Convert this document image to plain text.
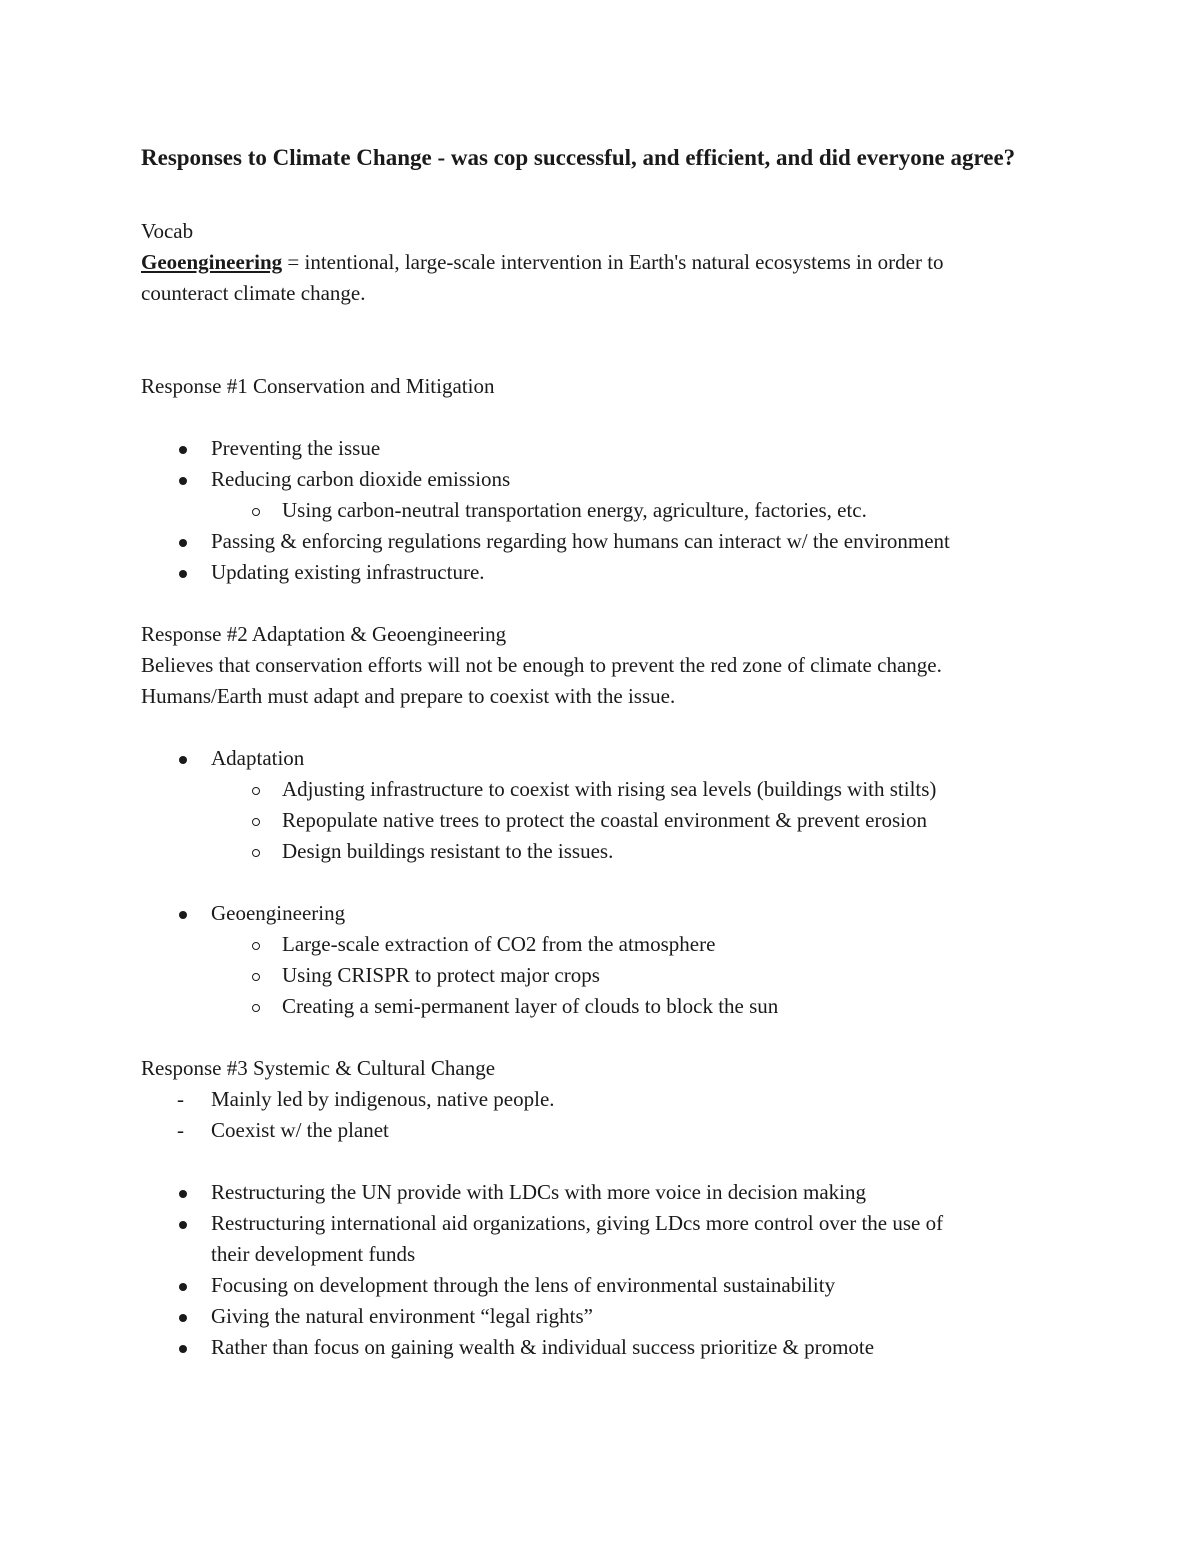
Responses to Climate Change - was cop successful, and efficient, and did everyone agree?

Vocab

Geoengineering = intentional, large-scale intervention in Earth's natural ecosystems in order to

counteract climate change.

Response #1 Conservation and Mitigation

Preventing the issue
Reducing carbon dioxide emissions
Using carbon-neutral transportation energy, agriculture, factories, etc.
Passing & enforcing regulations regarding how humans can interact w/ the environment
Updating existing infrastructure.

Response #2 Adaptation & Geoengineering

Believes that conservation efforts will not be enough to prevent the red zone of climate change.

Humans/Earth must adapt and prepare to coexist with the issue.

Adaptation
Adjusting infrastructure to coexist with rising sea levels (buildings with stilts)
Repopulate native trees to protect the coastal environment & prevent erosion
Design buildings resistant to the issues.
Geoengineering
Large-scale extraction of CO2 from the atmosphere
Using CRISPR to protect major crops
Creating a semi-permanent layer of clouds to block the sun

Response #3 Systemic & Cultural Change

- Mainly led by indigenous, native people.
- Coexist w/ the planet
Restructuring the UN provide with LDCs with more voice in decision making
Restructuring international aid organizations, giving LDcs more control over the use of
their development funds
Focusing on development through the lens of environmental sustainability
Giving the natural environment “legal rights”
Rather than focus on gaining wealth & individual success prioritize & promote
